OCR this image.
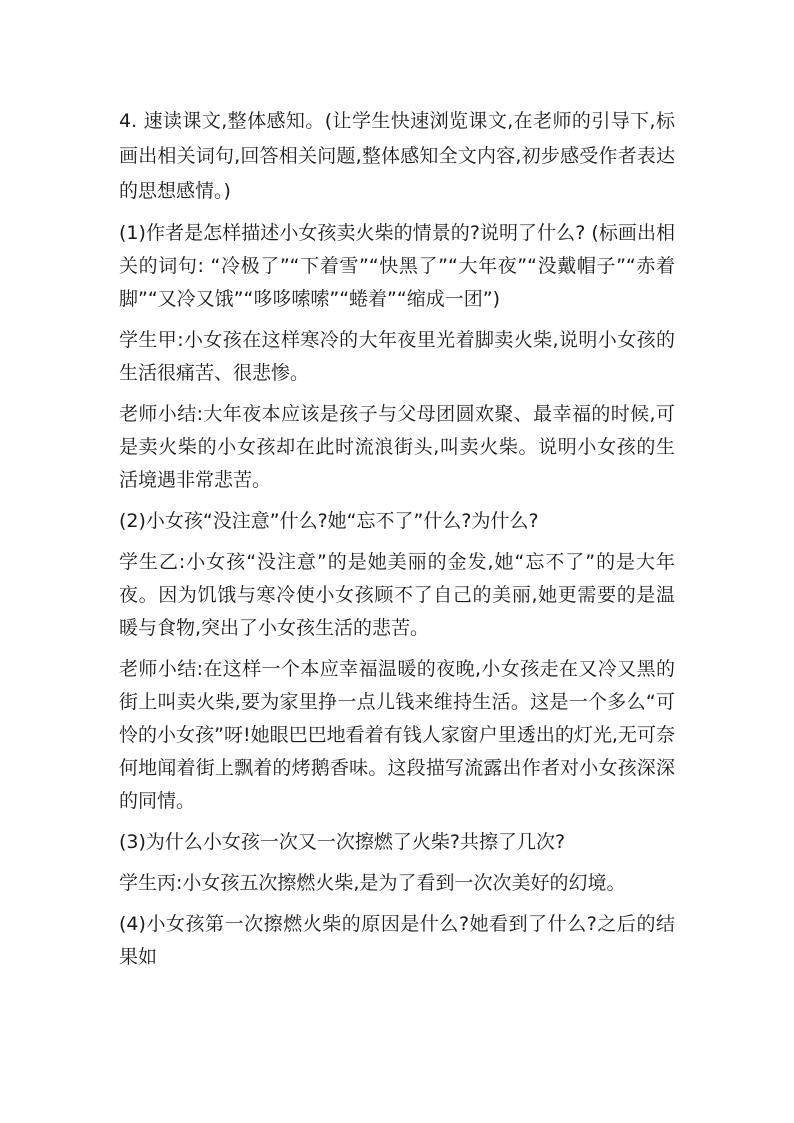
4. 速读课文,整体感知。(让学生快速浏览课文,在老师的引导下,标画出相关词句,回答相关问题,整体感知全文内容,初步感受作者表达的思想感情。)

(1)作者是怎样描述小女孩卖火柴的情景的?说明了什么? (标画出相关的词句: “冷极了”“下着雪”“快黑了”“大年夜”“没戴帽子”“赤着脚”“又冷又饿”“哆哆嗦嗦”“蜷着”“缩成一团”)

学生甲:小女孩在这样寒冷的大年夜里光着脚卖火柴,说明小女孩的生活很痛苦、很悲惨。

老师小结:大年夜本应该是孩子与父母团圆欢聚、最幸福的时候,可是卖火柴的小女孩却在此时流浪街头,叫卖火柴。说明小女孩的生活境遇非常悲苦。

(2)小女孩“没注意”什么?她“忘不了”什么?为什么?

学生乙:小女孩“没注意”的是她美丽的金发,她“忘不了”的是大年夜。因为饥饿与寒冷使小女孩顾不了自己的美丽,她更需要的是温暖与食物,突出了小女孩生活的悲苦。

老师小结:在这样一个本应幸福温暖的夜晚,小女孩走在又冷又黑的街上叫卖火柴,要为家里挣一点儿钱来维持生活。这是一个多么“可怜的小女孩”呀!她眼巴巴地看着有钱人家窗户里透出的灯光,无可奈何地闻着街上飘着的烤鹅香味。这段描写流露出作者对小女孩深深的同情。

(3)为什么小女孩一次又一次擦燃了火柴?共擦了几次?

学生丙:小女孩五次擦燃火柴,是为了看到一次次美好的幻境。

(4)小女孩第一次擦燃火柴的原因是什么?她看到了什么?之后的结果如
